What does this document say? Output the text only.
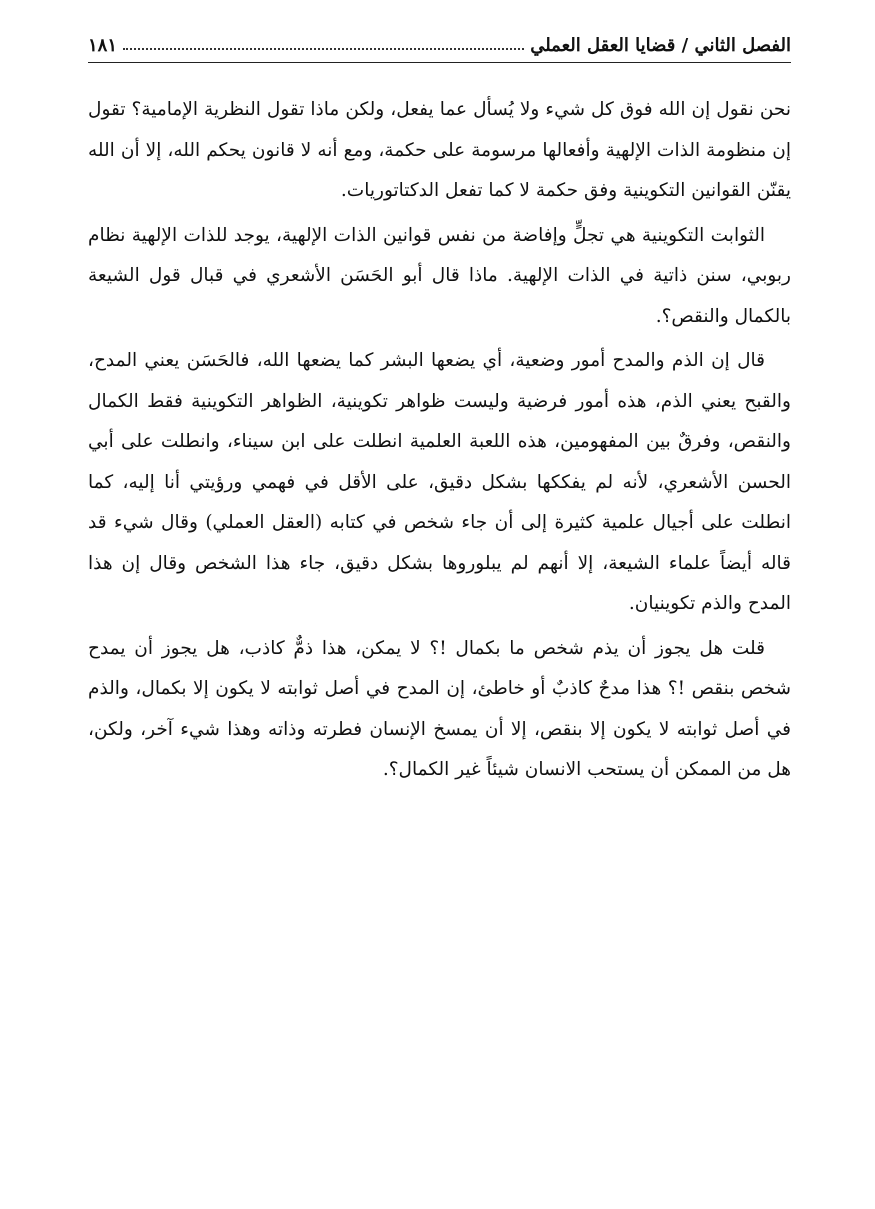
الفصل الثاني / قضايا العقل العملي
١٨١

نحن نقول إن الله فوق كل شيء ولا يُسأل عما يفعل، ولكن ماذا تقول النظرية الإمامية؟ تقول إن منظومة الذات الإلهية وأفعالها مرسومة على حكمة، ومع أنه لا قانون يحكم الله، إلا أن الله يقنّن القوانين التكوينية وفق حكمة لا كما تفعل الدكتاتوريات.

الثوابت التكوينية هي تجلٍّ وإفاضة من نفس قوانين الذات الإلهية، يوجد للذات الإلهية نظام ربوبي، سنن ذاتية في الذات الإلهية. ماذا قال أبو الحَسَن الأشعري في قبال قول الشيعة بالكمال والنقص؟.

قال إن الذم والمدح أمور وضعية، أي يضعها البشر كما يضعها الله، فالحَسَن يعني المدح، والقبح يعني الذم، هذه أمور فرضية وليست ظواهر تكوينية، الظواهر التكوينية فقط الكمال والنقص، وفرقٌ بين المفهومين، هذه اللعبة العلمية انطلت على ابن سيناء، وانطلت على أبي الحسن الأشعري، لأنه لم يفككها بشكل دقيق، على الأقل في فهمي ورؤيتي أنا إليه، كما انطلت على أجيال علمية كثيرة إلى أن جاء شخص في كتابه (العقل العملي) وقال شيء قد قاله أيضاً علماء الشيعة، إلا أنهم لم يبلوروها بشكل دقيق، جاء هذا الشخص وقال إن هذا المدح والذم تكوينيان.

قلت هل يجوز أن يذم شخص ما بكمال !؟ لا يمكن، هذا ذمٌّ كاذب، هل يجوز أن يمدح شخص بنقص !؟ هذا مدحٌ كاذبٌ أو خاطئ، إن المدح في أصل ثوابته لا يكون إلا بكمال، والذم في أصل ثوابته لا يكون إلا بنقص، إلا أن يمسخ الإنسان فطرته وذاته وهذا شيء آخر، ولكن، هل من الممكن أن يستحب الانسان شيئاً غير الكمال؟.
